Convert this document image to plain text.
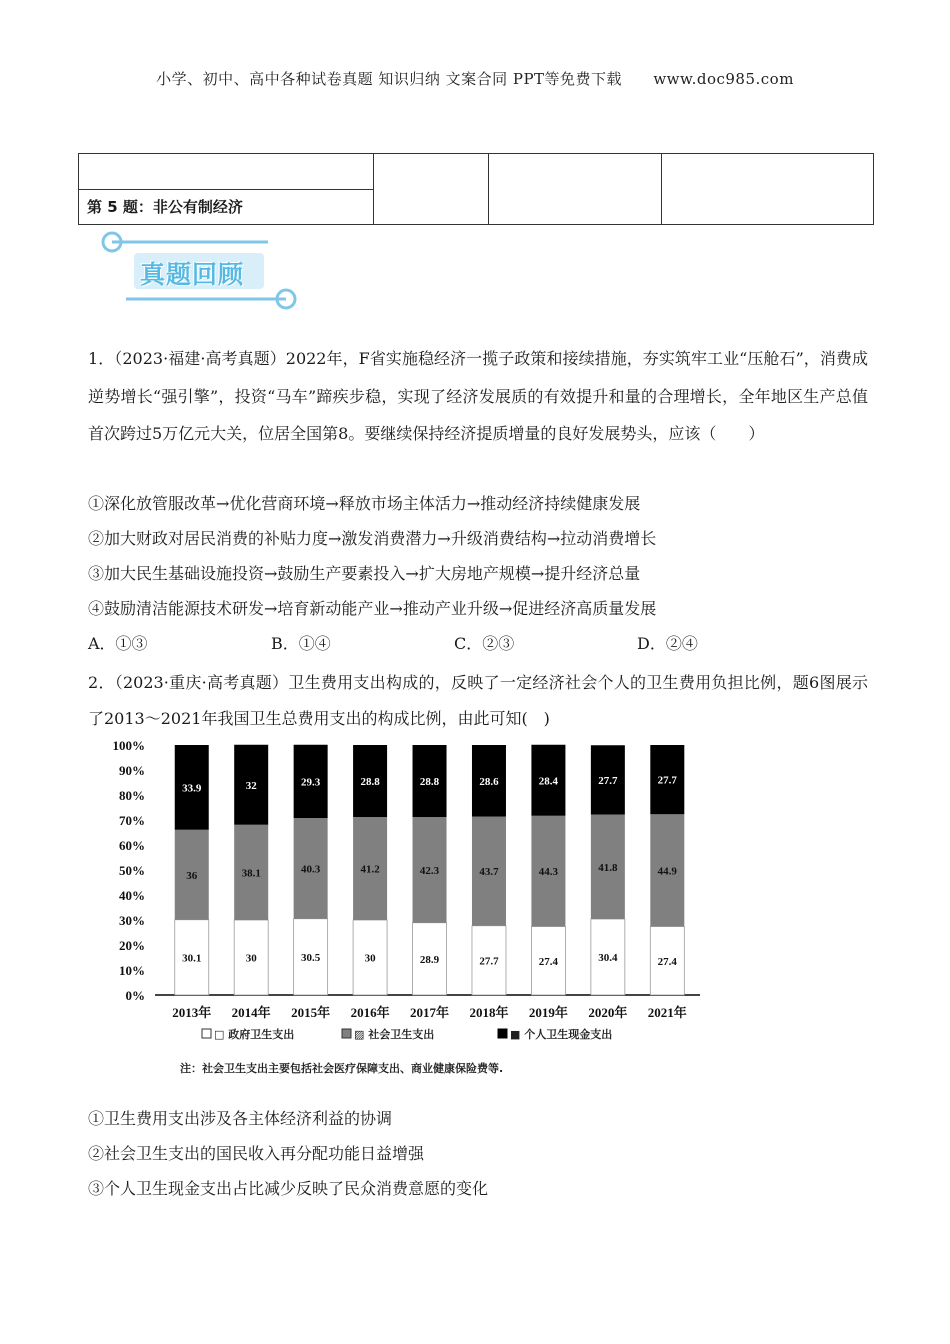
小学、初中、高中各种试卷真题 知识归纳 文案合同 PPT等免费下载 www.doc985.com

第 5 题：非公有制经济
真题回顾
1．（2023·福建·高考真题）2022年，F省实施稳经济一揽子政策和接续措施，夯实筑牢工业“压舱石”，消费成逆势增长“强引擎”，投资“马车”蹄疾步稳，实现了经济发展质的有效提升和量的合理增长，全年地区生产总值首次跨过5万亿元大关，位居全国第8。要继续保持经济提质增量的良好发展势头，应该（　　）
①深化放管服改革→优化营商环境→释放市场主体活力→推动经济持续健康发展
②加大财政对居民消费的补贴力度→激发消费潜力→升级消费结构→拉动消费增长
③加大民生基础设施投资→鼓励生产要素投入→扩大房地产规模→提升经济总量
④鼓励清洁能源技术研发→培育新动能产业→推动产业升级→促进经济高质量发展
A．①③	B．①④	C．②③	D．②④
2．（2023·重庆·高考真题）卫生费用支出构成的，反映了一定经济社会个人的卫生费用负担比例，题6图展示了2013～2021年我国卫生总费用支出的构成比例，由此可知(　)
0%
10%
20%
30%
40%
50%
60%
70%
80%
90%
100%
30.1
36
33.9
30
38.1
32
30.5
40.3
29.3
30
41.2
28.8
28.9
42.3
28.8
27.7
43.7
28.6
27.4
44.3
28.4
30.4
41.8
27.7
27.4
44.9
27.7
2013年 2014年 2015年 2016年 2017年 2018年 2019年 2020年 2021年
□ 政府卫生支出	▨ 社会卫生支出	■ 个人卫生现金支出
注：社会卫生支出主要包括社会医疗保障支出、商业健康保险费等.
①卫生费用支出涉及各主体经济利益的协调
②社会卫生支出的国民收入再分配功能日益增强
③个人卫生现金支出占比减少反映了民众消费意愿的变化
